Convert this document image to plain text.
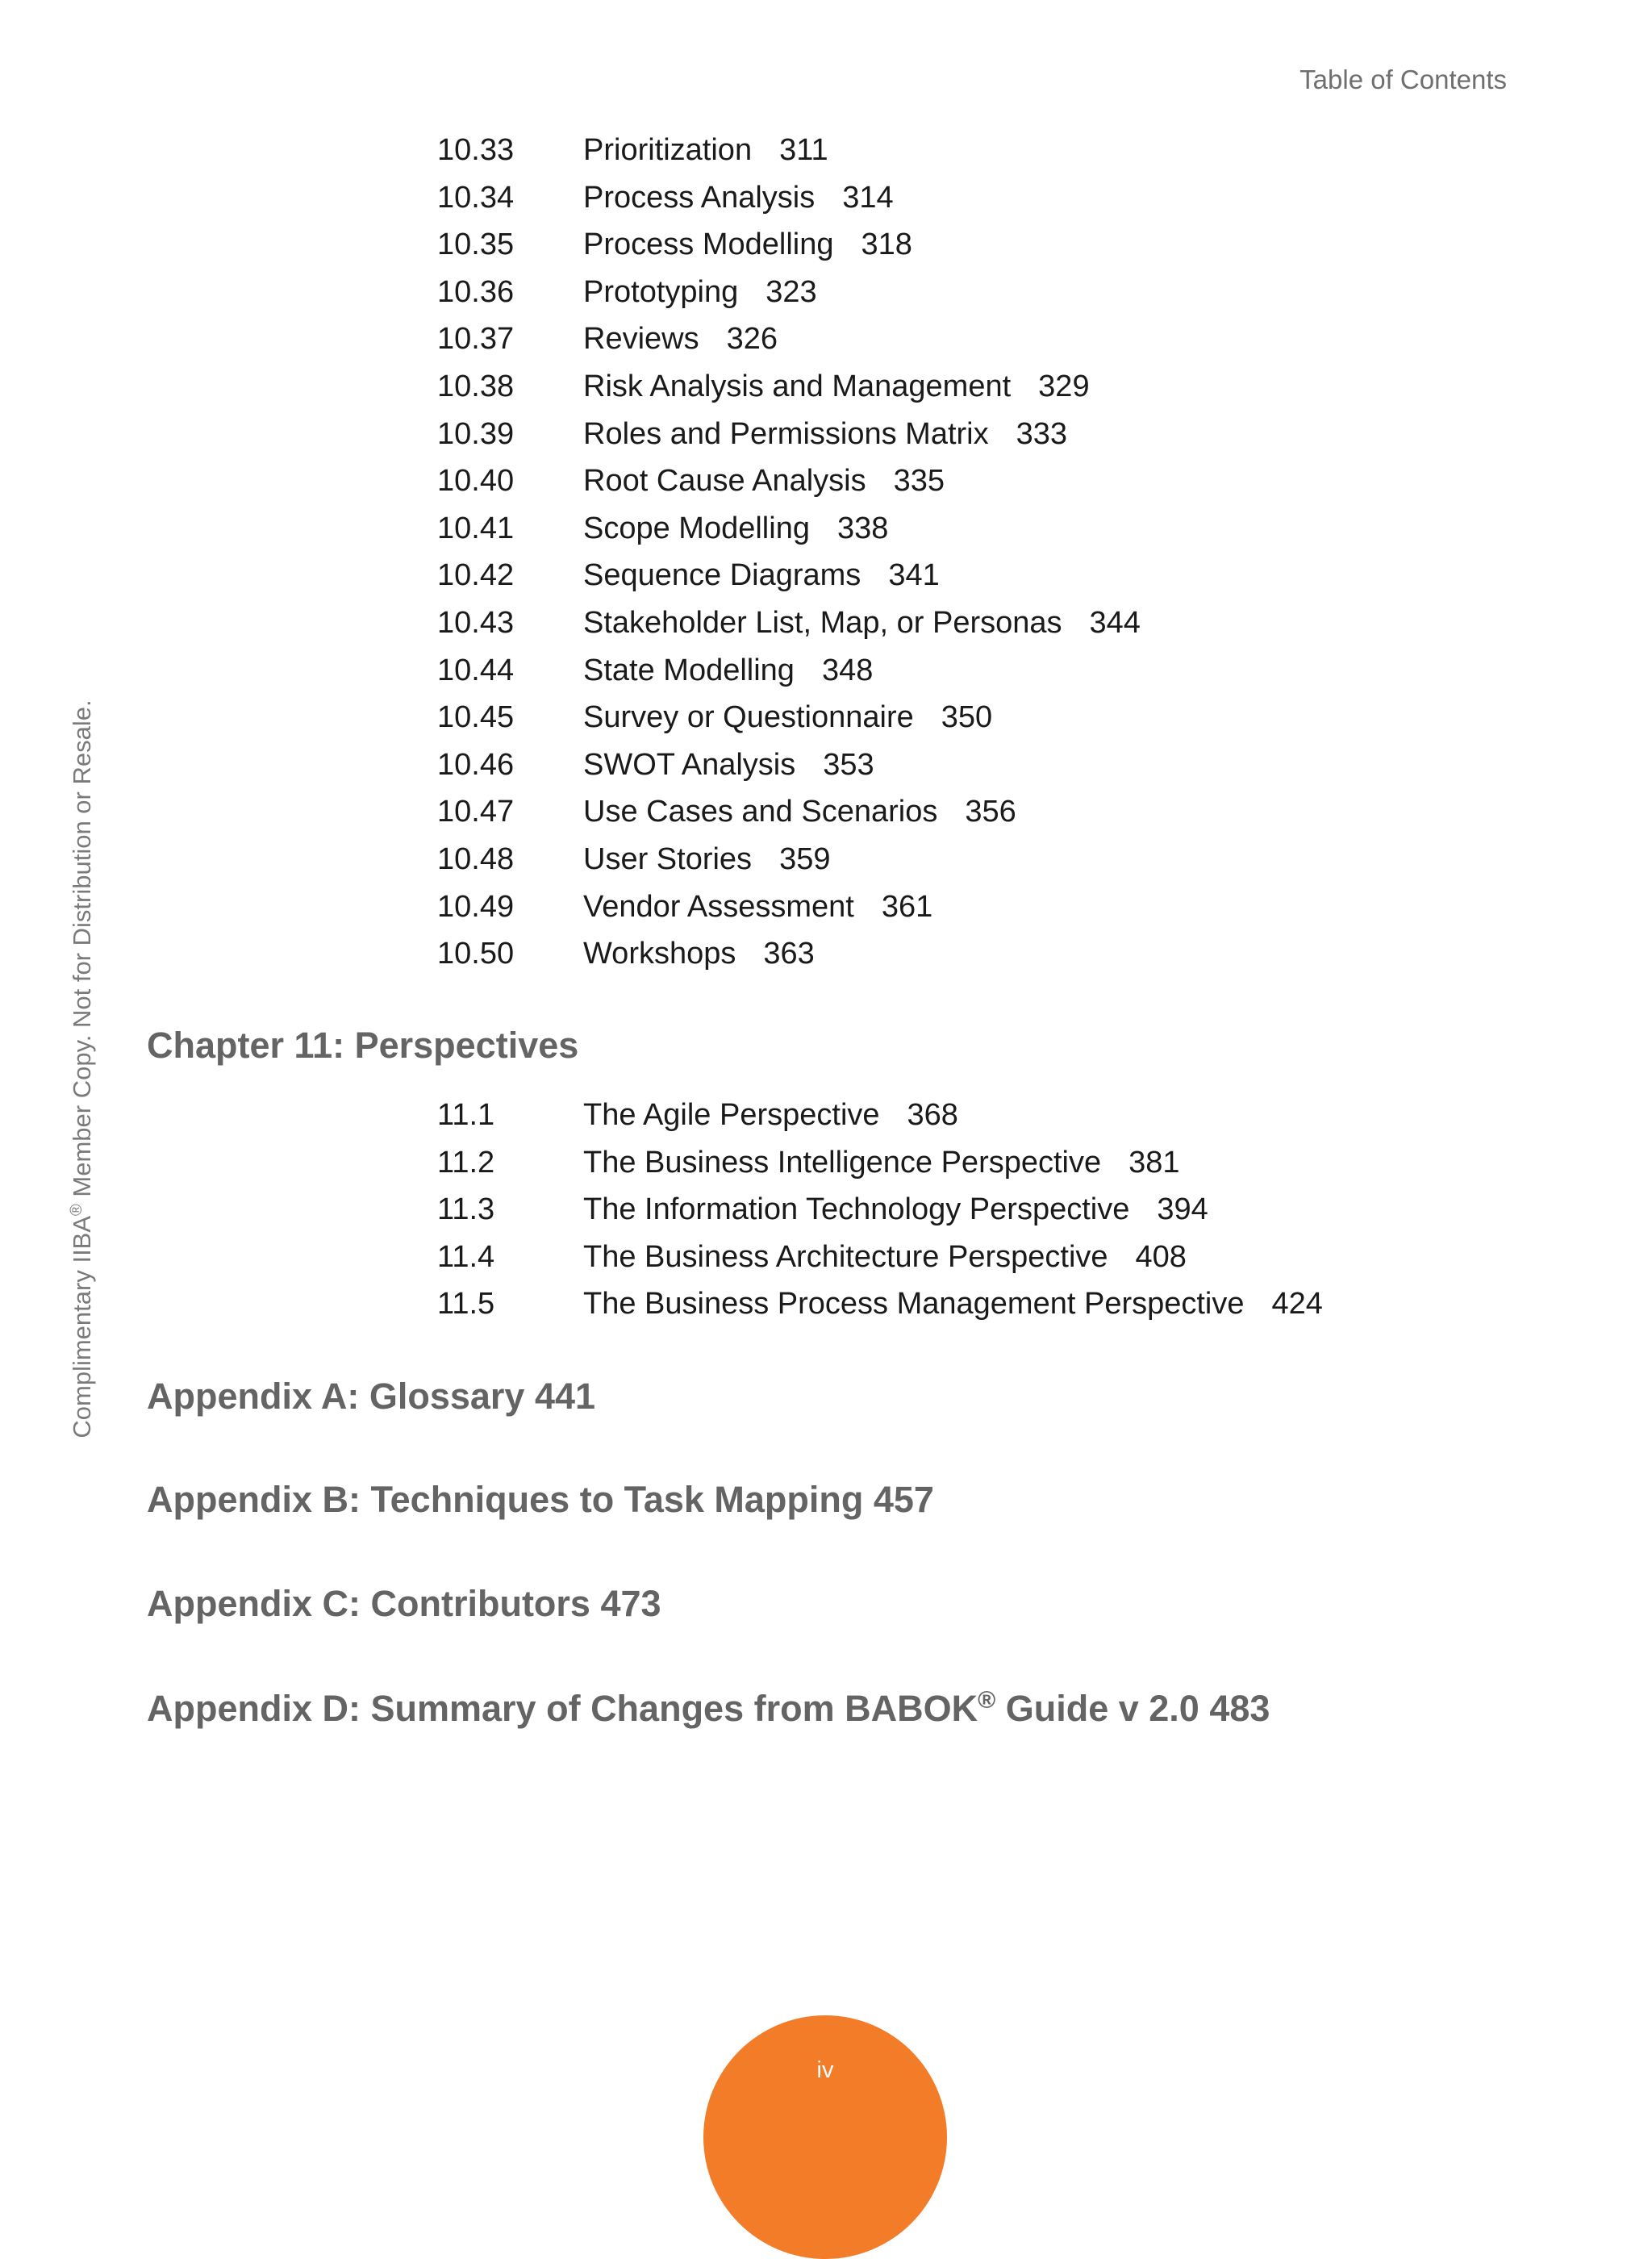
Table of Contents
Complimentary IIBA® Member Copy. Not for Distribution or Resale.
10.33 Prioritization 311
10.34 Process Analysis 314
10.35 Process Modelling 318
10.36 Prototyping 323
10.37 Reviews 326
10.38 Risk Analysis and Management 329
10.39 Roles and Permissions Matrix 333
10.40 Root Cause Analysis 335
10.41 Scope Modelling 338
10.42 Sequence Diagrams 341
10.43 Stakeholder List, Map, or Personas 344
10.44 State Modelling 348
10.45 Survey or Questionnaire 350
10.46 SWOT Analysis 353
10.47 Use Cases and Scenarios 356
10.48 User Stories 359
10.49 Vendor Assessment 361
10.50 Workshops 363
Chapter 11: Perspectives
11.1	The Agile Perspective 368
11.2	The Business Intelligence Perspective 381
11.3	The Information Technology Perspective 394
11.4	The Business Architecture Perspective 408
11.5	The Business Process Management Perspective 424
Appendix A: Glossary 441
Appendix B: Techniques to Task Mapping 457
Appendix C: Contributors 473
Appendix D: Summary of Changes from BABOK® Guide v 2.0 483
iv
